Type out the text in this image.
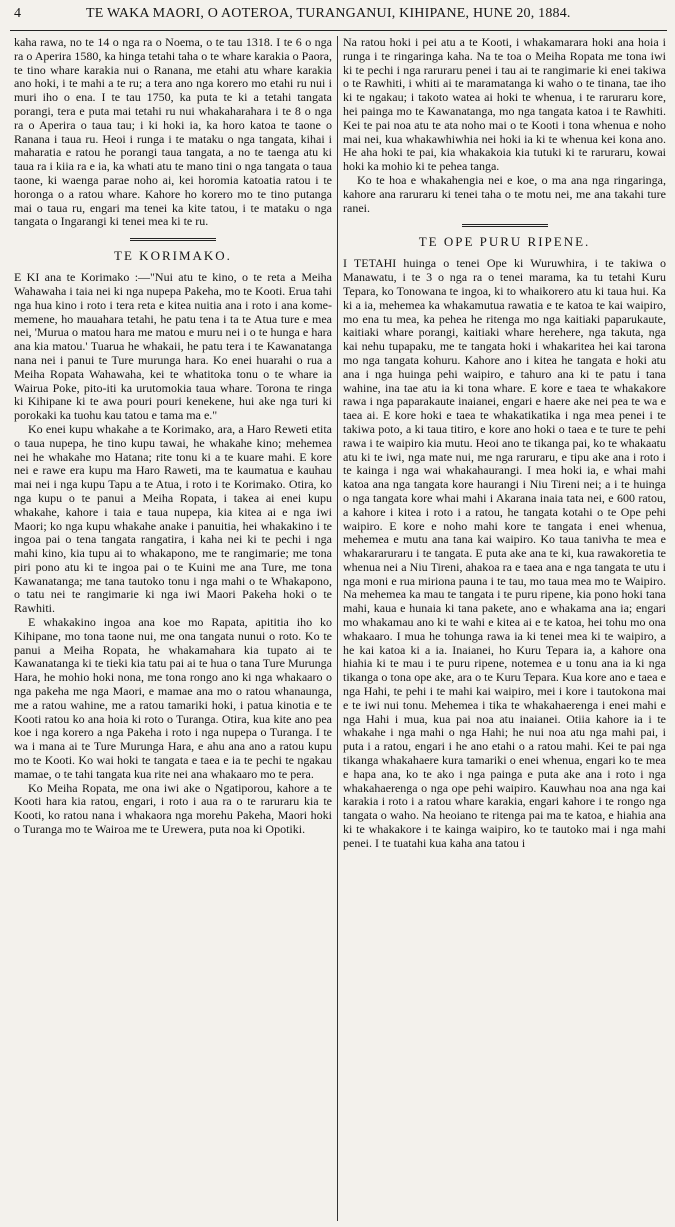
4	TE WAKA MAORI, O AOTEROA, TURANGANUI, KIHIPANE, HUNE 20, 1884.

kaha rawa, no te 14 o nga ra o Noema, o te tau 1318. I te 6 o nga ra o Aperira 1580, ka hinga tetahi taha o te whare karakia o Paora, te tino whare karakia nui o Ranana, me etahi atu whare karakia ano hoki, i te mahi a te ru; a tera ano nga korero mo etahi ru nui i muri iho o ena. I te tau 1750, ka puta te ki a tetahi tangata porangi, tera e puta mai tetahi ru nui whakaharahara i te 8 o nga ra o Aperira o taua tau; i ki hoki ia, ka horo katoa te taone o Ranana i taua ru. Heoi i runga i te mataku o nga tangata, kihai i maharatia e ratou he porangi taua tangata, a no te taenga atu ki taua ra i kiia ra e ia, ka whati atu te mano tini o nga tangata o taua taone, ki waenga parae noho ai, kei horomia katoatia ratou i te horonga o a ratou whare. Kahore ho korero mo te tino putanga mai o taua ru, engari ma tenei ka kite tatou, i te mataku o nga tangata o Ingarangi ki tenei mea ki te ru.

TE KORIMAKO.

E KI ana te Korimako :—"Nui atu te kino, o te reta a Meiha Wahawaha i taia nei ki nga nupepa Pakeha, mo te Kooti. Erua tahi nga hua kino i roto i tera reta e kitea nuitia ana i roto i ana kome-memene, ho mauahara tetahi, he patu tena i ta te Atua ture e mea nei, 'Murua o matou hara me matou e muru nei i o te hunga e hara ana kia matou.' Tuarua he whakaii, he patu tera i te Kawanatanga nana nei i panui te Ture murunga hara. Ko enei huarahi o rua a Meiha Ropata Wahawaha, kei te whatitoka tonu o te whare ia Wairua Poke, pito-iti ka urutomokia taua whare. Torona te ringa ki Kihipane ki te awa pouri pouri kenekene, hui ake nga turi ki porokaki ka tuohu kau tatou e tama ma e."

Ko enei kupu whakahe a te Korimako, ara, a Haro Reweti etita o taua nupepa, he tino kupu tawai, he whakahe kino; mehemea nei he whakahe mo Hatana; rite tonu ki a te kuare mahi. E kore nei e rawe era kupu ma Haro Raweti, ma te kaumatua e kauhau mai nei i nga kupu Tapu a te Atua, i roto i te Korimako. Otira, ko nga kupu o te panui a Meiha Ropata, i takea ai enei kupu whakahe, kahore i taia e taua nupepa, kia kitea ai e nga iwi Maori; ko nga kupu whakahe anake i panuitia, hei whakakino i te ingoa pai o tena tangata rangatira, i kaha nei ki te pechi i nga mahi kino, kia tupu ai to whakapono, me te rangimarie; me tona piri pono atu ki te ingoa pai o te Kuini me ana Ture, me tona Kawanatanga; me tana tautoko tonu i nga mahi o te Whakapono, o tatu nei te rangimarie ki nga iwi Maori Pakeha hoki o te Rawhiti.

E whakakino ingoa ana koe mo Rapata, apititia iho ko Kihipane, mo tona taone nui, me ona tangata nunui o roto. Ko te panui a Meiha Ropata, he whakamahara kia tupato ai te Kawanatanga ki te tieki kia tatu pai ai te hua o tana Ture Murunga Hara, he mohio hoki nona, me tona rongo ano ki nga whakaaro o nga pakeha me nga Maori, e mamae ana mo o ratou whanaunga, me a ratou wahine, me a ratou tamariki hoki, i patua kinotia e te Kooti ratou ko ana hoia ki roto o Turanga. Otira, kua kite ano pea koe i nga korero a nga Pakeha i roto i nga nupepa o Turanga. I te wa i mana ai te Ture Murunga Hara, e ahu ana ano a ratou kupu mo te Kooti. Ko wai hoki te tangata e taea e ia te pechi te ngakau mamae, o te tahi tangata kua rite nei ana whakaaro mo te pera.

Ko Meiha Ropata, me ona iwi ake o Ngatiporou, kahore a te Kooti hara kia ratou, engari, i roto i aua ra o te raruraru kia te Kooti, ko ratou nana i whakaora nga morehu Pakeha, Maori hoki o Turanga mo te Wairoa me te Urewera, puta noa ki Opotiki.

Na ratou hoki i pei atu a te Kooti, i whakamarara hoki ana hoia i runga i te ringaringa kaha. Na te toa o Meiha Ropata me tona iwi ki te pechi i nga raruraru penei i tau ai te rangimarie ki enei takiwa o te Rawhiti, i whiti ai te maramatanga ki waho o te tinana, tae iho ki te ngakau; i takoto watea ai hoki te whenua, i te raruraru kore, hei painga mo te Kawanatanga, mo nga tangata katoa i te Rawhiti. Kei te pai noa atu te ata noho mai o te Kooti i tona whenua e noho mai nei, kua whakawhiwhia nei hoki ia ki te whenua kei kona ano. He aha hoki te pai, kia whakakoia kia tutuki ki te raruraru, kowai hoki ka mohio ki te pehea tanga.

Ko te hoa e whakahengia nei e koe, o ma ana nga ringaringa, kahore ana raruraru ki tenei taha o te motu nei, me ana takahi ture ranei.

TE OPE PURU RIPENE.

I TETAHI huinga o tenei Ope ki Wuruwhira, i te takiwa o Manawatu, i te 3 o nga ra o tenei marama, ka tu tetahi Kuru Tepara, ko Tonowana te ingoa, ki to whaikorero atu ki taua hui. Ka ki a ia, mehemea ka whakamutua rawatia e te katoa te kai waipiro, mo ena tu mea, ka pehea he ritenga mo nga kaitiaki paparukaute, kaitiaki whare porangi, kaitiaki whare herehere, nga takuta, nga kai nehu tupapaku, me te tangata hoki i whakaritea hei kai tarona mo nga tangata kohuru. Kahore ano i kitea he tangata e hoki atu ana i nga huinga pehi waipiro, e tahuro ana ki te patu i tana wahine, ina tae atu ia ki tona whare. E kore e taea te whakakore rawa i nga paparakaute inaianei, engari e haere ake nei pea te wa e taea ai. E kore hoki e taea te whakatikatika i nga mea penei i te takiwa poto, a ki taua titiro, e kore ano hoki o taea e te ture te pehi rawa i te waipiro kia mutu. Heoi ano te tikanga pai, ko te whakaatu atu ki te iwi, nga mate nui, me nga raruraru, e tipu ake ana i roto i te kainga i nga wai whakahaurangi. I mea hoki ia, e whai mahi katoa ana nga tangata kore haurangi i Niu Tireni nei; a i te huinga o nga tangata kore whai mahi i Akarana inaia tata nei, e 600 ratou, a kahore i kitea i roto i a ratou, he tangata kotahi o te Ope pehi waipiro. E kore e noho mahi kore te tangata i enei whenua, mehemea e mutu ana tana kai waipiro. Ko taua tanivha te mea e whakararuraru i te tangata. E puta ake ana te ki, kua rawakoretia te whenua nei a Niu Tireni, ahakoa ra e taea ana e nga tangata te utu i nga moni e rua miriona pauna i te tau, mo taua mea mo te Waipiro. Na mehemea ka mau te tangata i te puru ripene, kia pono hoki tana mahi, kaua e hunaia ki tana pakete, ano e whakama ana ia; engari mo whakamau ano ki te wahi e kitea ai e te katoa, hei tohu mo ona whakaaro. I mua he tohunga rawa ia ki tenei mea ki te waipiro, a he kai katoa ki a ia. Inaianei, ho Kuru Tepara ia, a kahore ona hiahia ki te mau i te puru ripene, notemea e u tonu ana ia ki nga tikanga o tona ope ake, ara o te Kuru Tepara. Kua kore ano e taea e nga Hahi, te pehi i te mahi kai waipiro, mei i kore i tautokona mai e te iwi nui tonu. Mehemea i tika te whakahaerenga i enei mahi e nga Hahi i mua, kua pai noa atu inaianei. Otiia kahore ia i te whakahe i nga mahi o nga Hahi; he nui noa atu nga mahi pai, i puta i a ratou, engari i he ano etahi o a ratou mahi. Kei te pai nga tikanga whakahaere kura tamariki o enei whenua, engari ko te mea e hapa ana, ko te ako i nga painga e puta ake ana i roto i nga whakahaerenga o nga ope pehi waipiro. Kauwhau noa ana nga kai karakia i roto i a ratou whare karakia, engari kahore i te rongo nga tangata o waho. Na heoiano te ritenga pai ma te katoa, e hiahia ana ki te whakakore i te kainga waipiro, ko te tautoko mai i nga mahi penei. I te tuatahi kua kaha ana tatou i
